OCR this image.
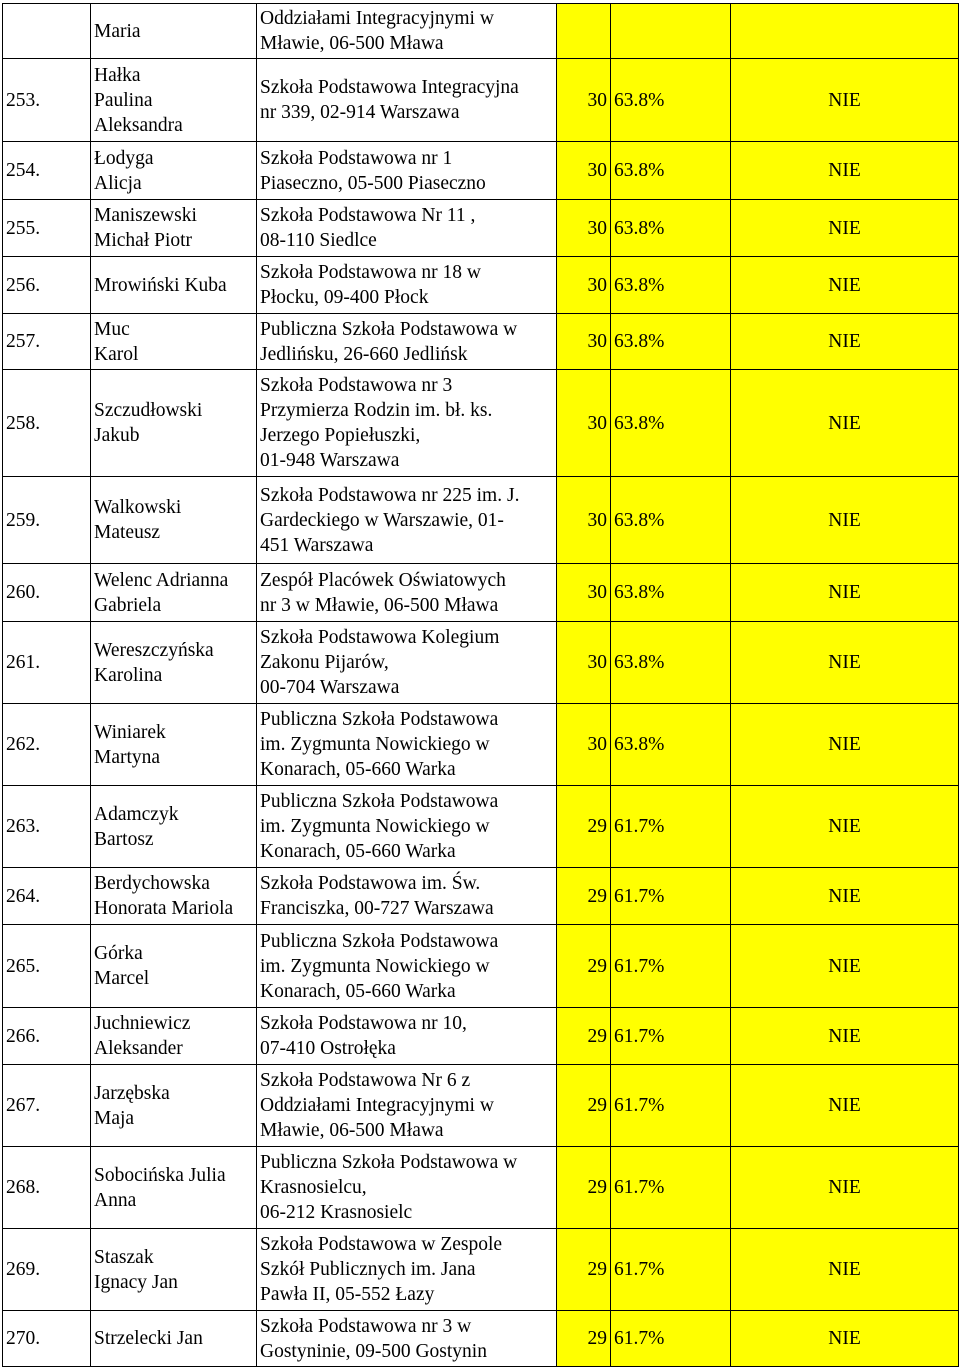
	Maria	Oddziałami Integracyjnymi w
Mławie, 06-500 Mława			

253.	Hałka
Paulina
Aleksandra	Szkoła Podstawowa Integracyjna
nr 339, 02-914 Warszawa	30	63.8%	NIE
254.	Łodyga
Alicja	Szkoła Podstawowa nr 1
Piaseczno, 05-500 Piaseczno	30	63.8%	NIE
255.	Maniszewski
Michał Piotr	Szkoła Podstawowa Nr 11 ,
08-110 Siedlce	30	63.8%	NIE
256.	Mrowiński Kuba	Szkoła Podstawowa nr 18 w
Płocku, 09-400 Płock	30	63.8%	NIE
257.	Muc
Karol	Publiczna Szkoła Podstawowa w
Jedlińsku, 26-660 Jedlińsk	30	63.8%	NIE
258.	Szczudłowski
Jakub	Szkoła Podstawowa nr 3
Przymierza Rodzin im. bł. ks.
Jerzego Popiełuszki,
01-948 Warszawa	30	63.8%	NIE
259.	Walkowski
Mateusz	Szkoła Podstawowa nr 225 im. J.
Gardeckiego w Warszawie, 01-
451 Warszawa	30	63.8%	NIE
260.	Welenc Adrianna
Gabriela	Zespół Placówek Oświatowych
nr 3 w Mławie, 06-500 Mława	30	63.8%	NIE
261.	Wereszczyńska
Karolina	Szkoła Podstawowa Kolegium
Zakonu Pijarów,
00-704 Warszawa	30	63.8%	NIE
262.	Winiarek
Martyna	Publiczna Szkoła Podstawowa
im. Zygmunta Nowickiego w
Konarach, 05-660 Warka	30	63.8%	NIE
263.	Adamczyk
Bartosz	Publiczna Szkoła Podstawowa
im. Zygmunta Nowickiego w
Konarach, 05-660 Warka	29	61.7%	NIE
264.	Berdychowska
Honorata Mariola	Szkoła Podstawowa im. Św.
Franciszka, 00-727 Warszawa	29	61.7%	NIE
265.	Górka
Marcel	Publiczna Szkoła Podstawowa
im. Zygmunta Nowickiego w
Konarach, 05-660 Warka	29	61.7%	NIE
266.	Juchniewicz
Aleksander	Szkoła Podstawowa nr 10,
07-410 Ostrołęka	29	61.7%	NIE
267.	Jarzębska
Maja	Szkoła Podstawowa Nr 6 z
Oddziałami Integracyjnymi w
Mławie, 06-500 Mława	29	61.7%	NIE
268.	Sobocińska Julia
Anna	Publiczna Szkoła Podstawowa w
Krasnosielcu,
06-212 Krasnosielc	29	61.7%	NIE
269.	Staszak
Ignacy Jan	Szkoła Podstawowa w Zespole
Szkół Publicznych im. Jana
Pawła II, 05-552 Łazy	29	61.7%	NIE
270.	Strzelecki Jan	Szkoła Podstawowa nr 3 w
Gostyninie, 09-500 Gostynin	29	61.7%	NIE
